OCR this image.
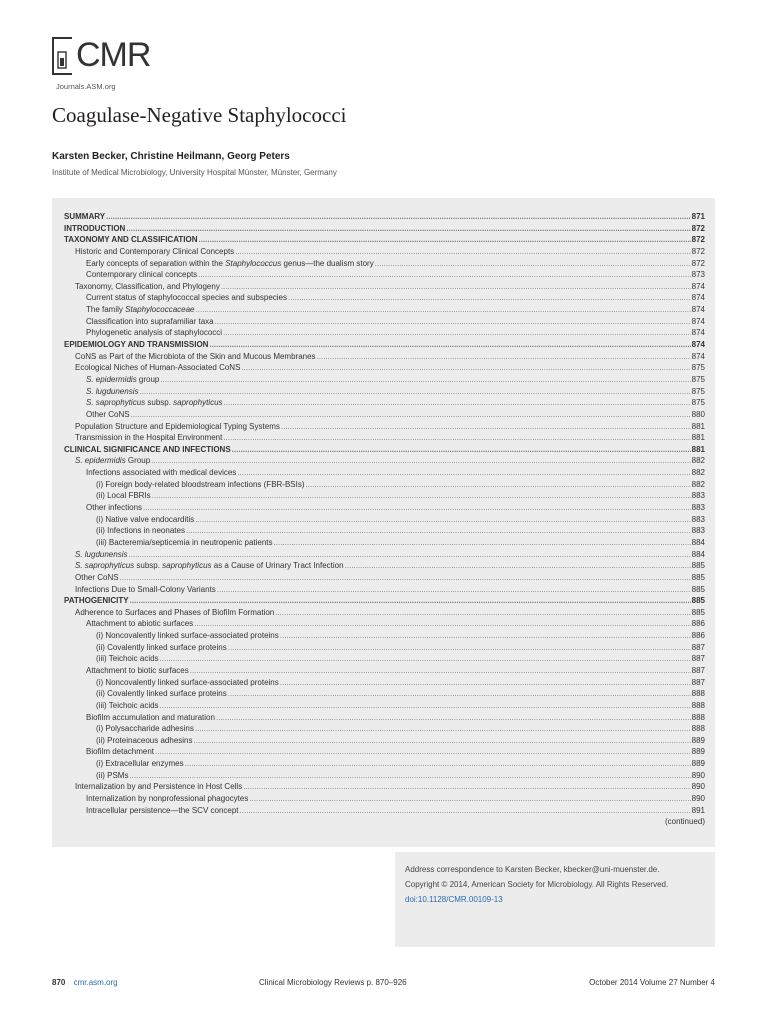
CMR
Journals.ASM.org
Coagulase-Negative Staphylococci
Karsten Becker, Christine Heilmann, Georg Peters
Institute of Medical Microbiology, University Hospital Münster, Münster, Germany
SUMMARY .....	871
INTRODUCTION .....	872
TAXONOMY AND CLASSIFICATION .....	872
Historic and Contemporary Clinical Concepts .....	872
Early concepts of separation within the Staphylococcus genus—the dualism story .....	872
Contemporary clinical concepts .....	873
Taxonomy, Classification, and Phylogeny .....	874
Current status of staphylococcal species and subspecies .....	874
The family Staphylococcaceae .....	874
Classification into suprafamiliar taxa .....	874
Phylogenetic analysis of staphylococci .....	874
EPIDEMIOLOGY AND TRANSMISSION .....	874
CoNS as Part of the Microbiota of the Skin and Mucous Membranes .....	874
Ecological Niches of Human-Associated CoNS .....	875
S. epidermidis group .....	875
S. lugdunensis .....	875
S. saprophyticus subsp. saprophyticus .....	875
Other CoNS .....	880
Population Structure and Epidemiological Typing Systems .....	881
Transmission in the Hospital Environment .....	881
CLINICAL SIGNIFICANCE AND INFECTIONS .....	881
S. epidermidis Group .....	882
Infections associated with medical devices .....	882
(i) Foreign body-related bloodstream infections (FBR-BSIs) .....	882
(ii) Local FBRIs .....	883
Other infections .....	883
(i) Native valve endocarditis .....	883
(ii) Infections in neonates .....	883
(iii) Bacteremia/septicemia in neutropenic patients .....	884
S. lugdunensis .....	884
S. saprophyticus subsp. saprophyticus as a Cause of Urinary Tract Infection .....	885
Other CoNS .....	885
Infections Due to Small-Colony Variants .....	885
PATHOGENICITY .....	885
Adherence to Surfaces and Phases of Biofilm Formation .....	885
Attachment to abiotic surfaces .....	886
(i) Noncovalently linked surface-associated proteins .....	886
(ii) Covalently linked surface proteins .....	887
(iii) Teichoic acids .....	887
Attachment to biotic surfaces .....	887
(i) Noncovalently linked surface-associated proteins .....	887
(ii) Covalently linked surface proteins .....	888
(iii) Teichoic acids .....	888
Biofilm accumulation and maturation .....	888
(i) Polysaccharide adhesins .....	888
(ii) Proteinaceous adhesins .....	889
Biofilm detachment .....	889
(i) Extracellular enzymes .....	889
(ii) PSMs .....	890
Internalization by and Persistence in Host Cells .....	890
Internalization by nonprofessional phagocytes .....	890
Intracellular persistence—the SCV concept .....	891
(continued)
Address correspondence to Karsten Becker, kbecker@uni-muenster.de.
Copyright © 2014, American Society for Microbiology. All Rights Reserved.
doi:10.1128/CMR.00109-13
870 cmr.asm.org	Clinical Microbiology Reviews p. 870–926	October 2014 Volume 27 Number 4
